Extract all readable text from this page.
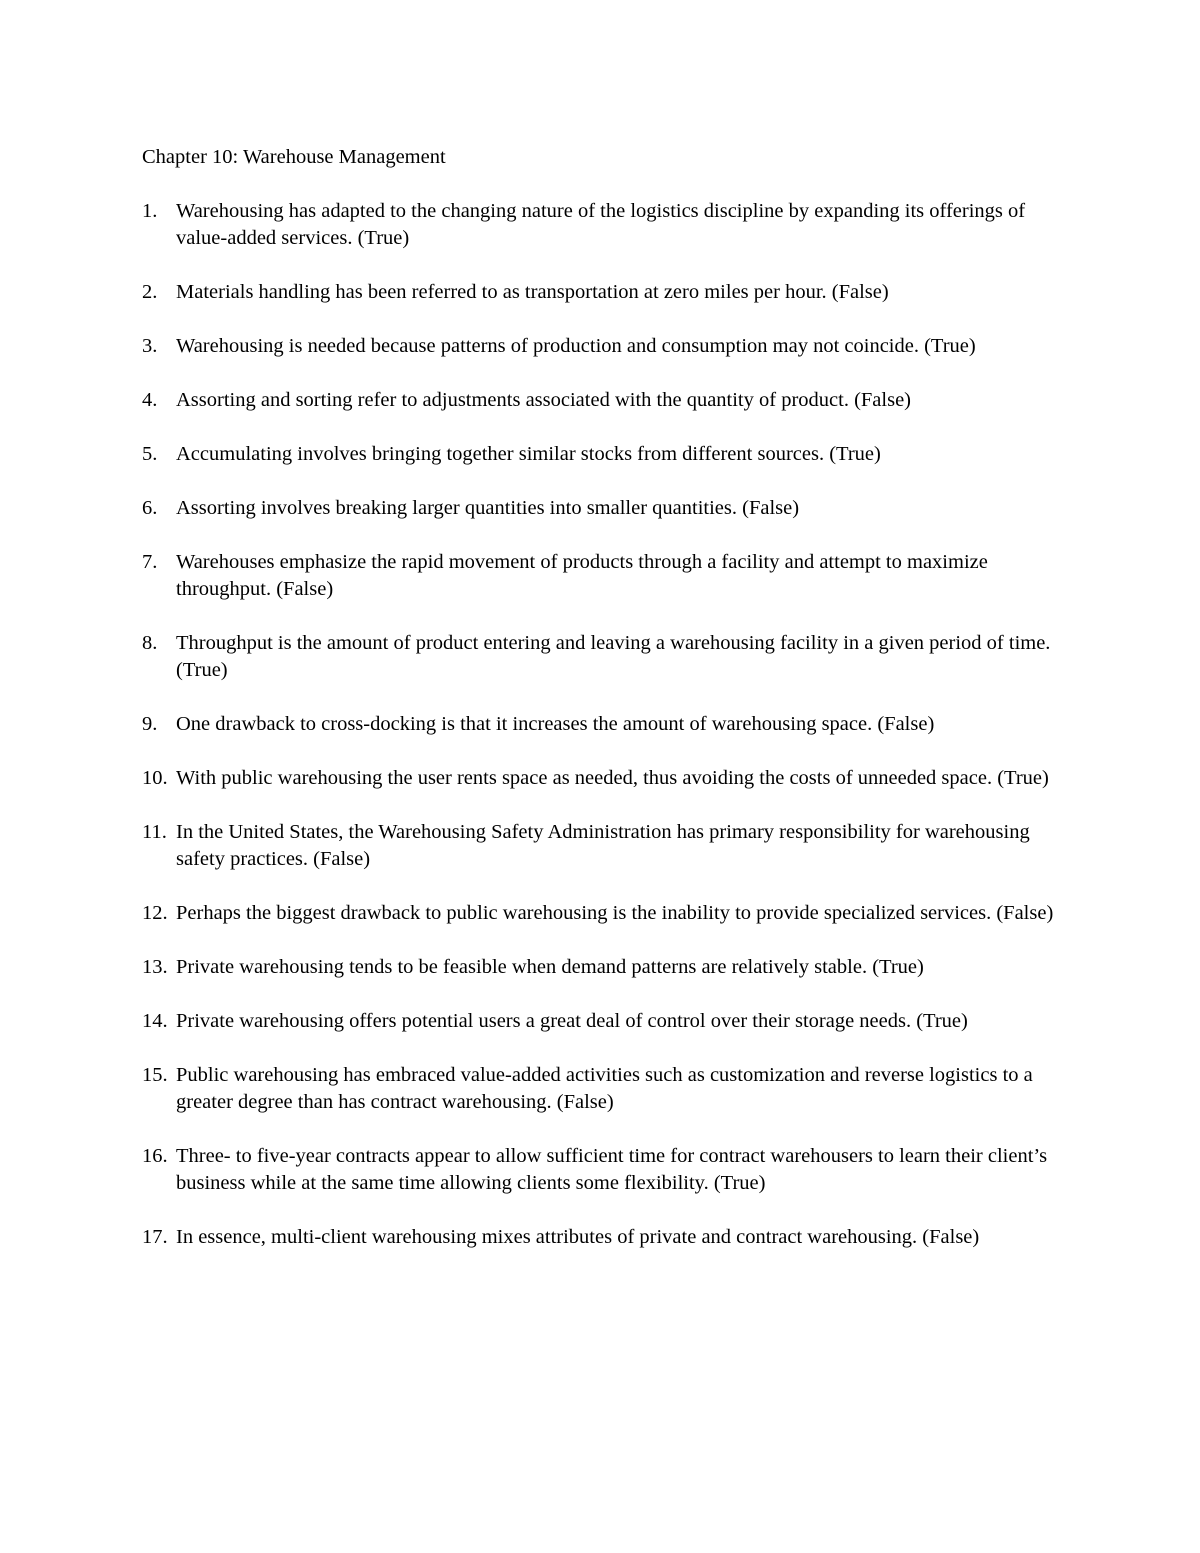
Chapter 10: Warehouse Management
1. Warehousing has adapted to the changing nature of the logistics discipline by expanding its offerings of value-added services. (True)
2. Materials handling has been referred to as transportation at zero miles per hour. (False)
3. Warehousing is needed because patterns of production and consumption may not coincide. (True)
4. Assorting and sorting refer to adjustments associated with the quantity of product. (False)
5. Accumulating involves bringing together similar stocks from different sources. (True)
6. Assorting involves breaking larger quantities into smaller quantities. (False)
7. Warehouses emphasize the rapid movement of products through a facility and attempt to maximize throughput. (False)
8. Throughput is the amount of product entering and leaving a warehousing facility in a given period of time. (True)
9. One drawback to cross-docking is that it increases the amount of warehousing space. (False)
10. With public warehousing the user rents space as needed, thus avoiding the costs of unneeded space. (True)
11. In the United States, the Warehousing Safety Administration has primary responsibility for warehousing safety practices. (False)
12. Perhaps the biggest drawback to public warehousing is the inability to provide specialized services. (False)
13. Private warehousing tends to be feasible when demand patterns are relatively stable. (True)
14. Private warehousing offers potential users a great deal of control over their storage needs. (True)
15. Public warehousing has embraced value-added activities such as customization and reverse logistics to a greater degree than has contract warehousing. (False)
16. Three- to five-year contracts appear to allow sufficient time for contract warehousers to learn their client’s business while at the same time allowing clients some flexibility. (True)
17. In essence, multi-client warehousing mixes attributes of private and contract warehousing. (False)
